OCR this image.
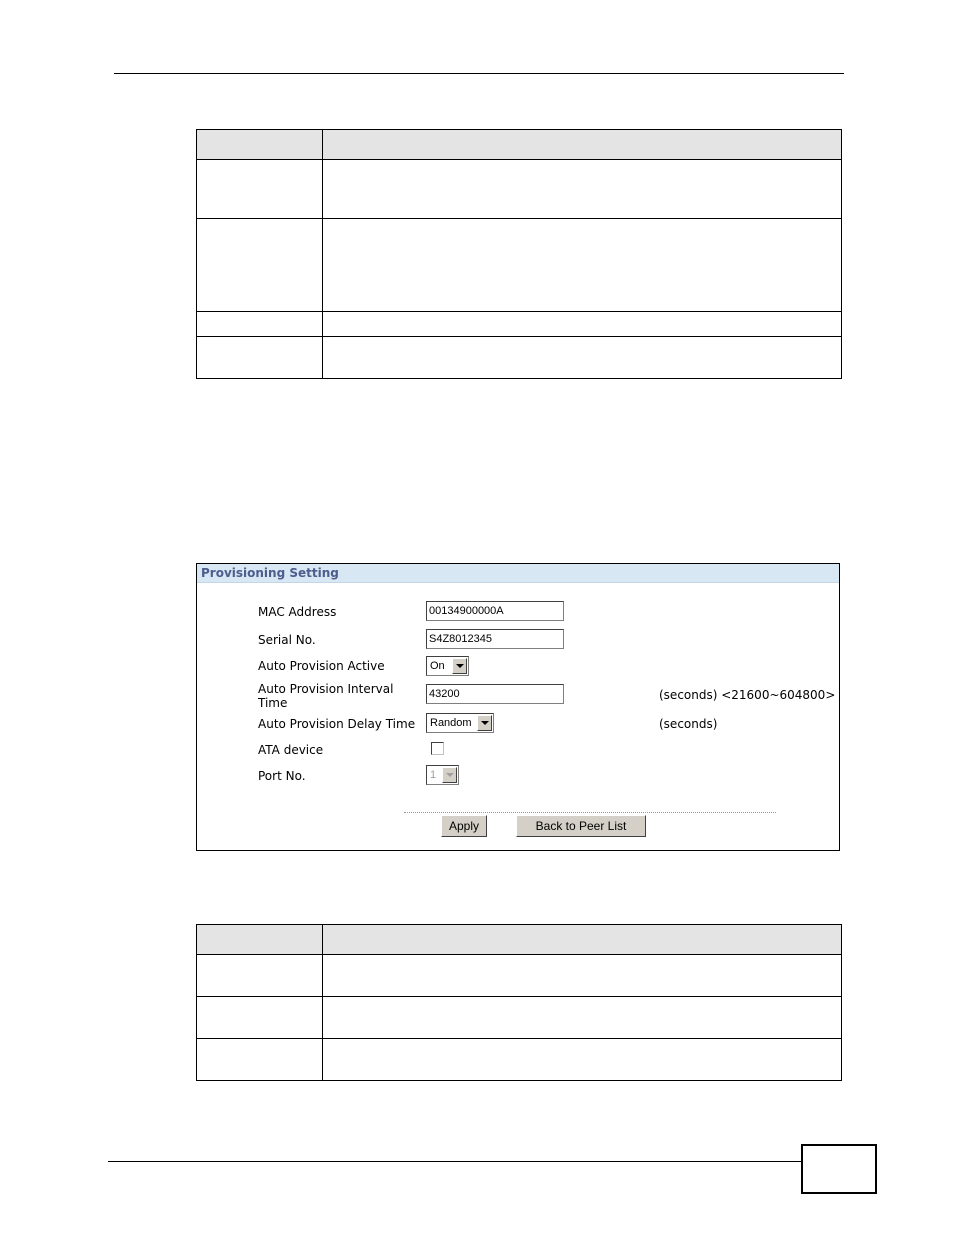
Provisioning Setting
MAC Address	00134900000A
Serial No.	S4Z8012345
Auto Provision Active	On
Auto Provision Interval
Time
43200	(seconds) <21600~604800>
Auto Provision Delay Time	Random	(seconds)
ATA device
Port No.	1
Apply	Back to Peer List
